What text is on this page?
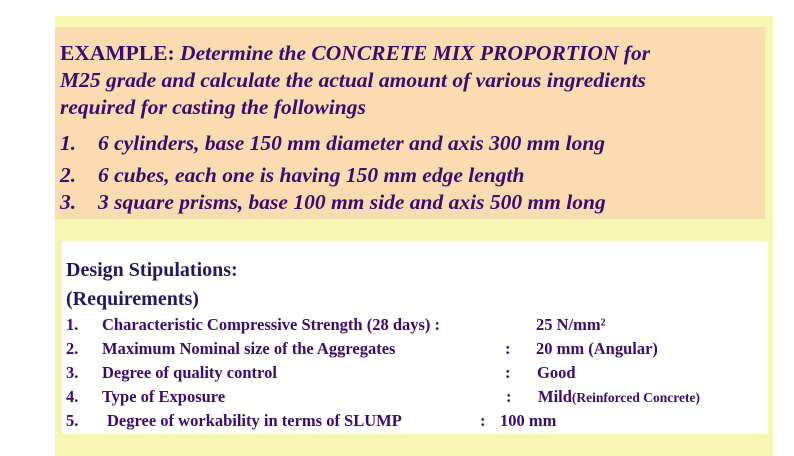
EXAMPLE: Determine the CONCRETE MIX PROPORTION for
M25 grade and calculate the actual amount of various ingredients
required for casting the followings
1. 6 cylinders, base 150 mm diameter and axis 300 mm long
2. 6 cubes, each one is having 150 mm edge length
3. 3 square prisms, base 100 mm side and axis 500 mm long
Design Stipulations:
(Requirements)
1. Characteristic Compressive Strength (28 days) :	25 N/mm²
2. Maximum Nominal size of the Aggregates	: 20 mm (Angular)
3. Degree of quality control	: Good
4. Type of Exposure	: Mild(Reinforced Concrete)
5. Degree of workability in terms of SLUMP	: 100 mm
